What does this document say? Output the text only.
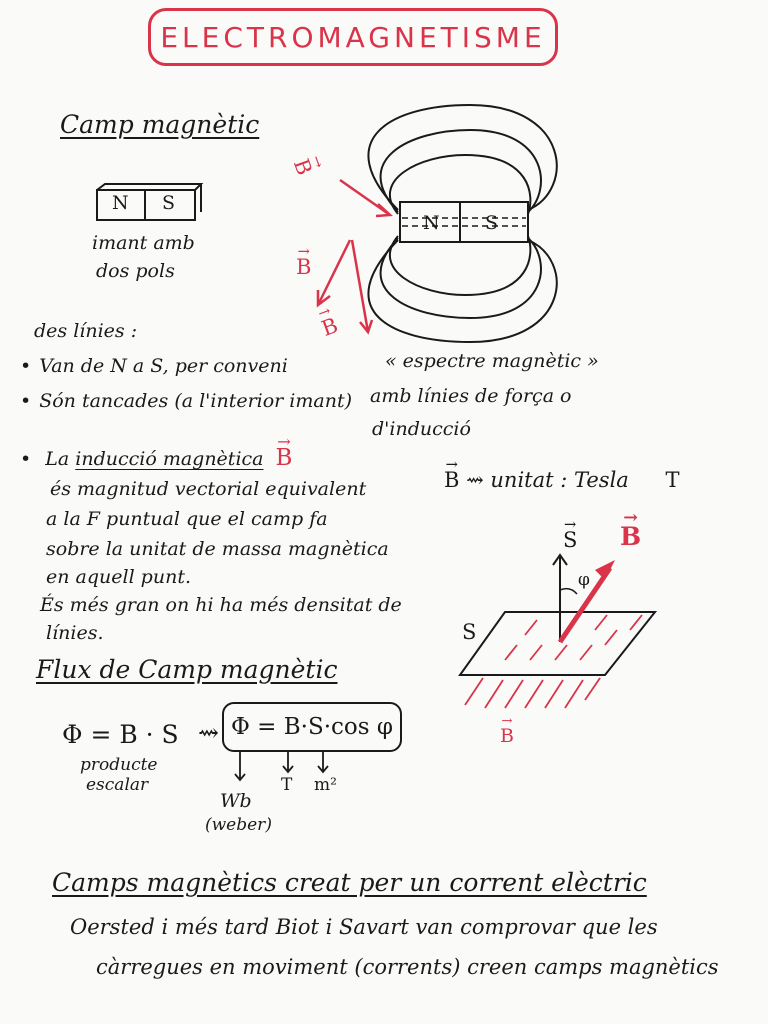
ELECTROMAGNETISME
Camp magnètic
N S
imant amb
dos pols
N S
→ B
→ B
→ B
des línies :
• Van de N a S, per conveni
• Són tancades (a l'interior imant)
« espectre magnètic »
amb línies de força o
d'inducció
• La inducció magnètica → B
és magnitud vectorial equivalent
a la F puntual que el camp fa
sobre la unitat de massa magnètica
en aquell punt.
És més gran on hi ha més densitat de
línies.
→ B ⇝ unitat : Tesla T
→ S → B
φ
S
→ B
Flux de Camp magnètic
Φ = B · S ⇝ Φ = B·S·cos φ
producte
escalar
Wb
(weber)
T m²
Camps magnètics creat per un corrent elèctric
Oersted i més tard Biot i Savart van comprovar que les
càrregues en moviment (corrents) creen camps magnètics
